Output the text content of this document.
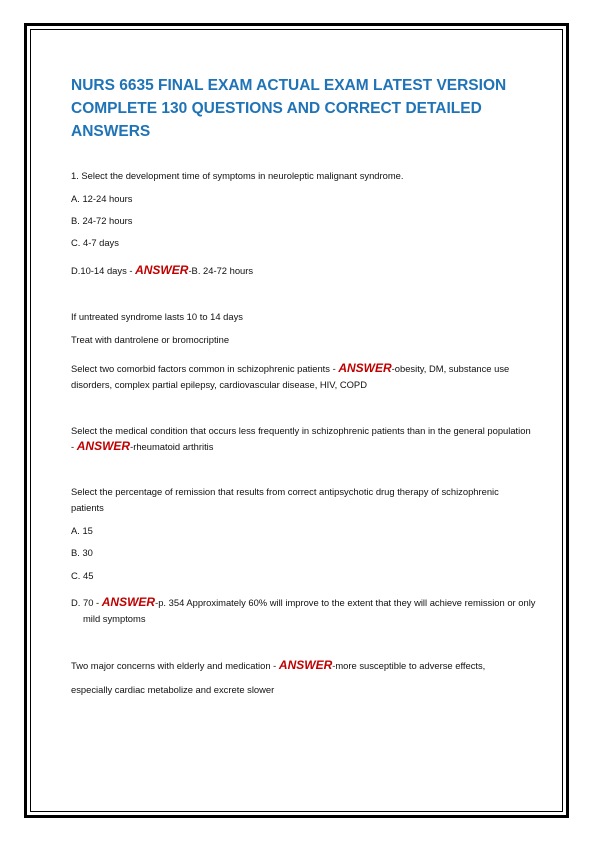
NURS 6635 FINAL EXAM ACTUAL EXAM LATEST VERSION COMPLETE 130 QUESTIONS AND CORRECT DETAILED ANSWERS

1. Select the development time of symptoms in neuroleptic malignant syndrome.

A. 12-24 hours

B. 24-72 hours

C. 4-7 days

D.10-14 days - ANSWER-B. 24-72 hours

If untreated syndrome lasts 10 to 14 days

Treat with dantrolene or bromocriptine

Select two comorbid factors common in schizophrenic patients - ANSWER-obesity, DM, substance use disorders, complex partial epilepsy, cardiovascular disease, HIV, COPD

Select the medical condition that occurs less frequently in schizophrenic patients than in the general population - ANSWER-rheumatoid arthritis

Select the percentage of remission that results from correct antipsychotic drug therapy of schizophrenic patients

A. 15

B. 30

C. 45

D. 70 - ANSWER-p. 354 Approximately 60% will improve to the extent that they will achieve remission or only mild symptoms

Two major concerns with elderly and medication - ANSWER-more susceptible to adverse effects,

especially cardiac metabolize and excrete slower
